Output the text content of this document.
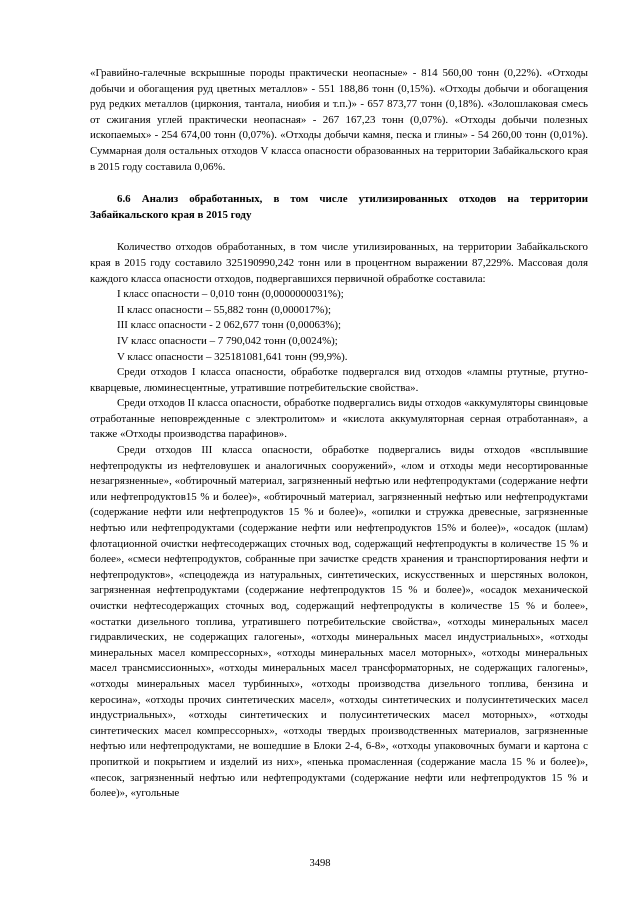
«Гравийно-галечные вскрышные породы практически неопасные» - 814 560,00 тонн (0,22%). «Отходы добычи и обогащения руд цветных металлов» - 551 188,86 тонн (0,15%). «Отходы добычи и обогащения руд редких металлов (циркония, тантала, ниобия и т.п.)» - 657 873,77 тонн (0,18%). «Золошлаковая смесь от сжигания углей практически неопасная» - 267 167,23 тонн (0,07%). «Отходы добычи полезных ископаемых» - 254 674,00 тонн (0,07%). «Отходы добычи камня, песка и глины» - 54 260,00 тонн (0,01%). Суммарная доля остальных отходов V класса опасности образованных на территории Забайкальского края в 2015 году составила 0,06%.

6.6 Анализ обработанных, в том числе утилизированных отходов на территории Забайкальского края в 2015 году

Количество отходов обработанных, в том числе утилизированных, на территории Забайкальского края в 2015 году составило 325190990,242 тонн или в процентном выражении 87,229%. Массовая доля каждого класса опасности отходов, подвергавшихся первичной обработке составила:

I класс опасности – 0,010 тонн (0,0000000031%);
II класс опасности – 55,882 тонн (0,000017%);
III класс опасности - 2 062,677 тонн (0,00063%);
IV класс опасности – 7 790,042 тонн (0,0024%);
V класс опасности – 325181081,641 тонн (99,9%).

Среди отходов I класса опасности, обработке подвергался вид отходов «лампы ртутные, ртутно-кварцевые, люминесцентные, утратившие потребительские свойства».

Среди отходов II класса опасности, обработке подвергались виды отходов «аккумуляторы свинцовые отработанные неповрежденные с электролитом» и «кислота аккумуляторная серная отработанная», а также «Отходы производства парафинов».

Среди отходов III класса опасности, обработке подвергались виды отходов «всплывшие нефтепродукты из нефтеловушек и аналогичных сооружений», «лом и отходы меди несортированные незагрязненные», «обтирочный материал, загрязненный нефтью или нефтепродуктами (содержание нефти или нефтепродуктов15 % и более)», «обтирочный материал, загрязненный нефтью или нефтепродуктами (содержание нефти или нефтепродуктов 15 % и более)», «опилки и стружка древесные, загрязненные нефтью или нефтепродуктами (содержание нефти или нефтепродуктов 15% и более)», «осадок (шлам) флотационной очистки нефтесодержащих сточных вод, содержащий нефтепродукты в количестве 15 % и более», «смеси нефтепродуктов, собранные при зачистке средств хранения и транспортирования нефти и нефтепродуктов», «спецодежда из натуральных, синтетических, искусственных и шерстяных волокон, загрязненная нефтепродуктами (содержание нефтепродуктов 15 % и более)», «осадок механической очистки нефтесодержащих сточных вод, содержащий нефтепродукты в количестве 15 % и более», «остатки дизельного топлива, утратившего потребительские свойства», «отходы минеральных масел гидравлических, не содержащих галогены», «отходы минеральных масел индустриальных», «отходы минеральных масел компрессорных», «отходы минеральных масел моторных», «отходы минеральных масел трансмиссионных», «отходы минеральных масел трансформаторных, не содержащих галогены», «отходы минеральных масел турбинных», «отходы производства дизельного топлива, бензина и керосина», «отходы прочих синтетических масел», «отходы синтетических и полусинтетических масел индустриальных», «отходы синтетических и полусинтетических масел моторных», «отходы синтетических масел компрессорных», «отходы твердых производственных материалов, загрязненные нефтью или нефтепродуктами, не вошедшие в Блоки 2-4, 6-8», «отходы упаковочных бумаги и картона с пропиткой и покрытием и изделий из них», «пенька промасленная (содержание масла 15 % и более)», «песок, загрязненный нефтью или нефтепродуктами (содержание нефти или нефтепродуктов 15 % и более)», «угольные

3498
